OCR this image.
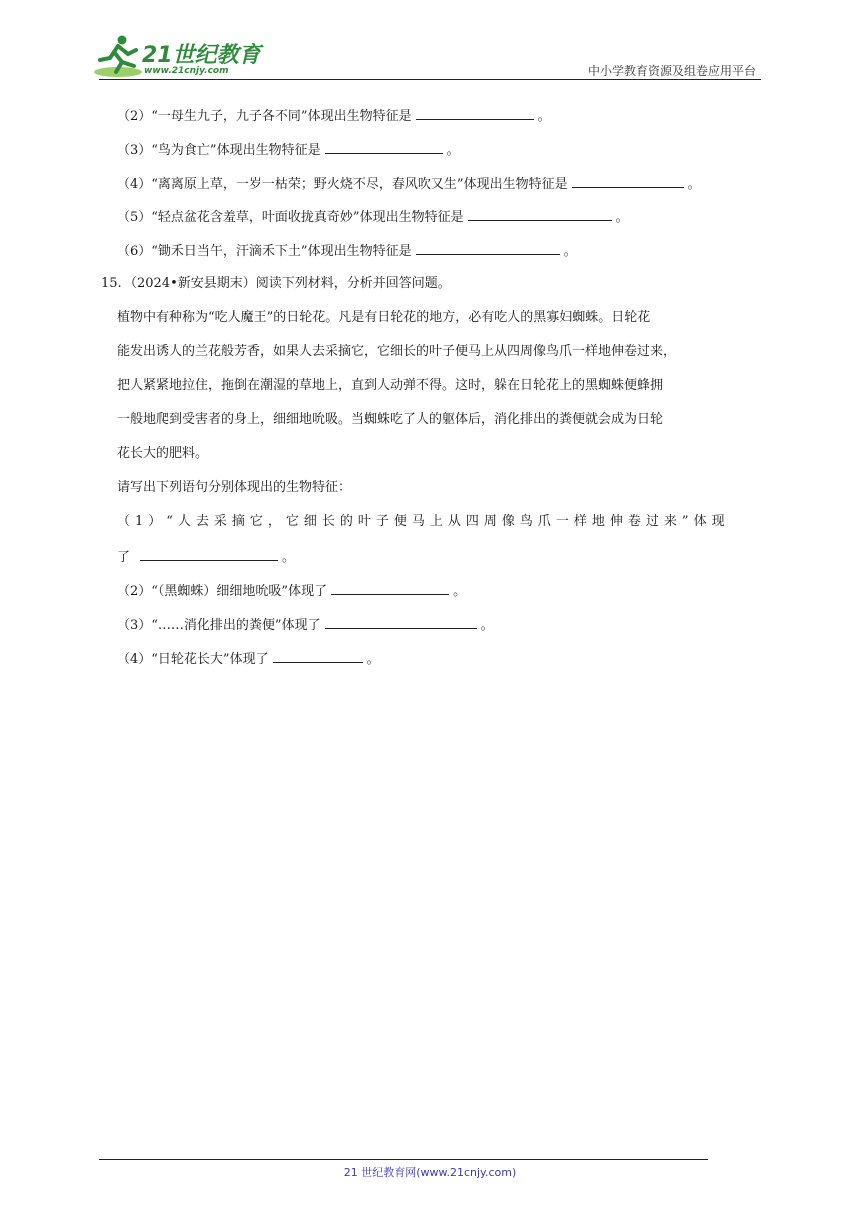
21世纪教育
www.21cnjy.com	中小学教育资源及组卷应用平台
（2）“一母生九子，九子各不同”体现出生物特征是	。
（3）“鸟为食亡”体现出生物特征是	。
（4）“离离原上草，一岁一枯荣；野火烧不尽，春风吹又生”体现出生物特征是	。
（5）“轻点盆花含羞草，叶面收拢真奇妙”体现出生物特征是	。
（6）“锄禾日当午，汗滴禾下土”体现出生物特征是	。
15. （2024•新安县期末）阅读下列材料，分析并回答问题。
植物中有种称为“吃人魔王”的日轮花。凡是有日轮花的地方，必有吃人的黑寡妇蜘蛛。日轮花
能发出诱人的兰花般芳香，如果人去采摘它，它细长的叶子便马上从四周像鸟爪一样地伸卷过来，
把人紧紧地拉住，拖倒在潮湿的草地上，直到人动弹不得。这时，躲在日轮花上的黑蜘蛛便蜂拥
一般地爬到受害者的身上，细细地吮吸。当蜘蛛吃了人的躯体后，消化排出的粪便就会成为日轮
花长大的肥料。
请写出下列语句分别体现出的生物特征：
（1）“人去采摘它，它细长的叶子便马上从四周像鸟爪一样地伸卷过来”体现
了	。
（2）“（黑蜘蛛）细细地吮吸”体现了	。
（3）“……消化排出的粪便”体现了	。
（4）“日轮花长大”体现了	。
21 世纪教育网(www.21cnjy.com)
